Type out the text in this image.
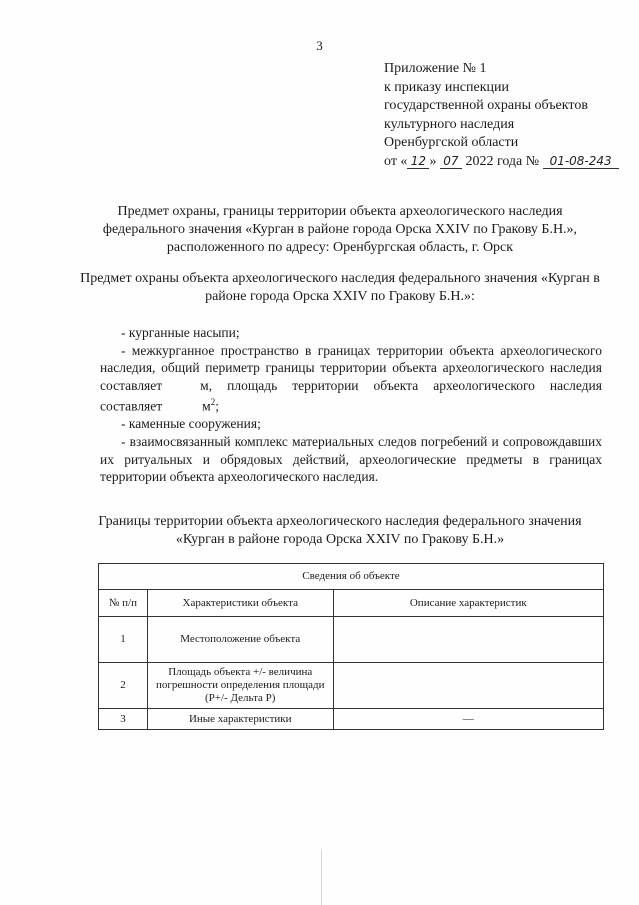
3
Приложение № 1
к приказу инспекции
государственной охраны объектов
культурного наследия
Оренбургской области
от « 12 » 07 2022 года № 01-08-243
Предмет охраны, границы территории объекта археологического наследия федерального значения «Курган в районе города Орска XXIV по Гракову Б.Н.», расположенного по адресу: Оренбургская область, г. Орск
Предмет охраны объекта археологического наследия федерального значения «Курган в районе города Орска XXIV по Гракову Б.Н.»:

- курганные насыпи;

- межкурганное пространство в границах территории объекта археологического наследия, общий периметр границы территории объекта археологического наследия составляет	м, площадь территории объекта археологического наследия составляет	$м^2$;

- каменные сооружения;

- взаимосвязанный комплекс материальных следов погребений и сопровождавших их ритуальных и обрядовых действий, археологические предметы в границах территории объекта археологического наследия.

Границы территории объекта археологического наследия федерального значения «Курган в районе города Орска XXIV по Гракову Б.Н.»
Сведения об объекте		
№ п/п	Характеристики объекта	Описание характеристик
1	Местоположение объекта	
2	Площадь объекта +/- величина погрешности определения площади (Р+/- Дельта Р)	
3	Иные характеристики	—
